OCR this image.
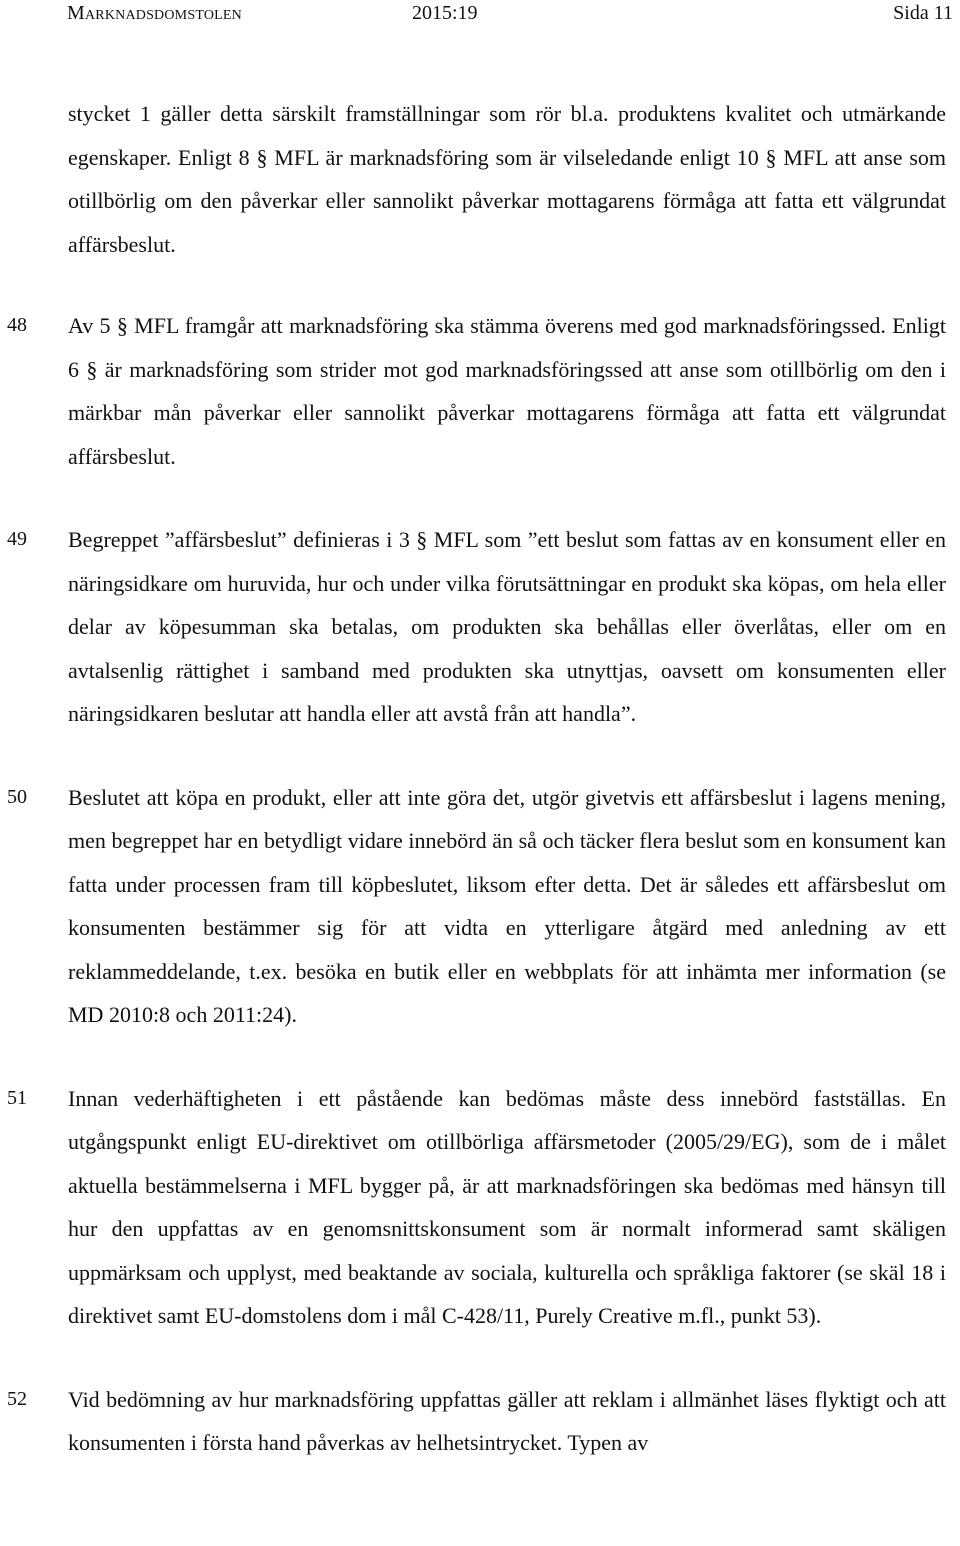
Marknadsdomstolen	2015:19	Sida 11
stycket 1 gäller detta särskilt framställningar som rör bl.a. produktens kvalitet och utmärkande egenskaper. Enligt 8 § MFL är marknadsföring som är vilseledande enligt 10 § MFL att anse som otillbörlig om den påverkar eller sannolikt påverkar mottagarens förmåga att fatta ett välgrundat affärsbeslut.
48 Av 5 § MFL framgår att marknadsföring ska stämma överens med god marknadsföringssed. Enligt 6 § är marknadsföring som strider mot god marknadsföringssed att anse som otillbörlig om den i märkbar mån påverkar eller sannolikt påverkar mottagarens förmåga att fatta ett välgrundat affärsbeslut.
49 Begreppet ”affärsbeslut” definieras i 3 § MFL som ”ett beslut som fattas av en konsument eller en näringsidkare om huruvida, hur och under vilka förutsättningar en produkt ska köpas, om hela eller delar av köpesumman ska betalas, om produkten ska behållas eller överlåtas, eller om en avtalsenlig rättighet i samband med produkten ska utnyttjas, oavsett om konsumenten eller näringsidkaren beslutar att handla eller att avstå från att handla”.
50 Beslutet att köpa en produkt, eller att inte göra det, utgör givetvis ett affärsbeslut i lagens mening, men begreppet har en betydligt vidare innebörd än så och täcker flera beslut som en konsument kan fatta under processen fram till köpbeslutet, liksom efter detta. Det är således ett affärsbeslut om konsumenten bestämmer sig för att vidta en ytterligare åtgärd med anledning av ett reklammeddelande, t.ex. besöka en butik eller en webbplats för att inhämta mer information (se MD 2010:8 och 2011:24).
51 Innan vederhäftigheten i ett påstående kan bedömas måste dess innebörd fastställas. En utgångspunkt enligt EU-direktivet om otillbörliga affärsmetoder (2005/29/EG), som de i målet aktuella bestämmelserna i MFL bygger på, är att marknadsföringen ska bedömas med hänsyn till hur den uppfattas av en genomsnittskonsument som är normalt informerad samt skäligen uppmärksam och upplyst, med beaktande av sociala, kulturella och språkliga faktorer (se skäl 18 i direktivet samt EU-domstolens dom i mål C-428/11, Purely Creative m.fl., punkt 53).
52 Vid bedömning av hur marknadsföring uppfattas gäller att reklam i allmänhet läses flyktigt och att konsumenten i första hand påverkas av helhetsintrycket. Typen av
